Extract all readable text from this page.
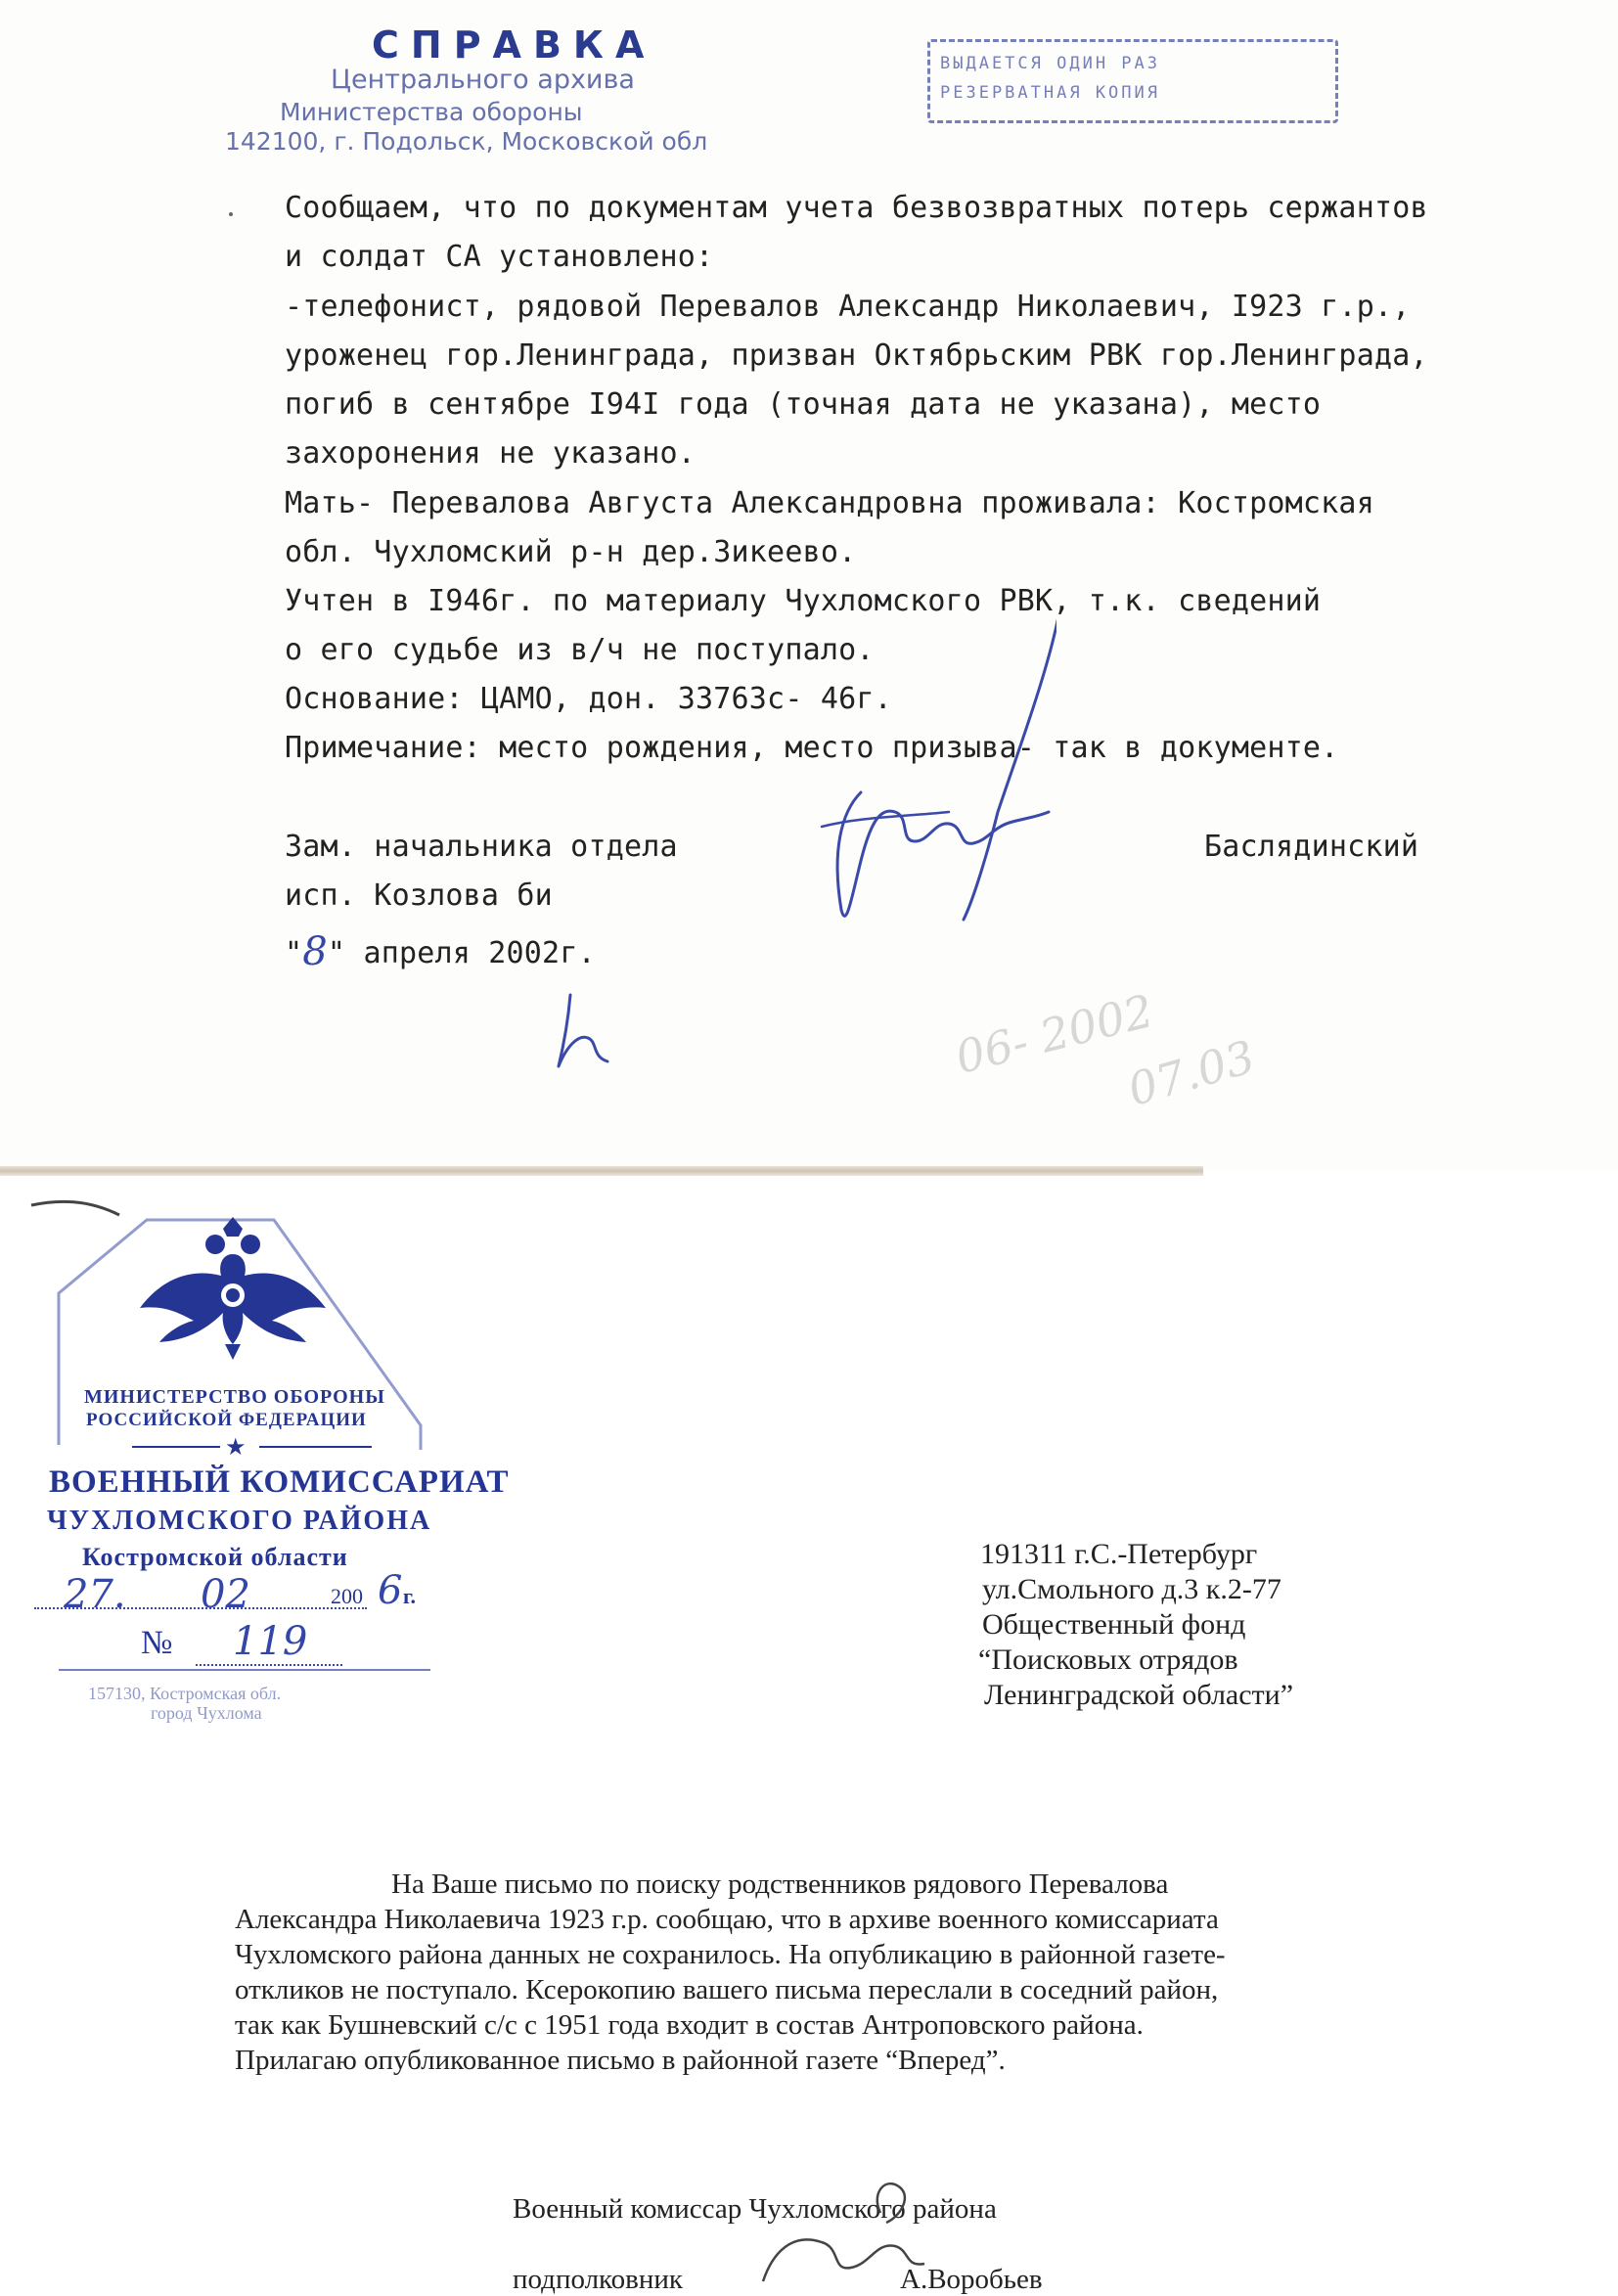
СПРАВКА
Центрального архива
Министерства обороны
142100, г. Подольск, Московской обл
ВЫДАЕТСЯ ОДИН РАЗ
РЕЗЕРВАТНАЯ КОПИЯ
Сообщаем, что по документам учета безвозвратных потерь сержантов
и солдат СА установлено:
-телефонист, рядовой Перевалов Александр Николаевич, I923 г.р.,
уроженец гор.Ленинграда, призван Октябрьским РВК гор.Ленинграда,
погиб в сентябре I94I года (точная дата не указана), место
захоронения не указано.
Мать- Перевалова Августа Александровна проживала: Костромская
обл. Чухломский р-н дер.Зикеево.
Учтен в I946г. по материалу Чухломского РВК, т.к. сведений
о его судьбе из в/ч не поступало.
Основание: ЦАМО, дон. 33763с- 46г.
Примечание: место рождения, место призыва- так в документе.
Зам. начальника отдела	Баслядинский
исп. Козлова би
"8" апреля 2002г.
06- 2002
07.03
МИНИСТЕРСТВО ОБОРОНЫ
РОССИЙСКОЙ ФЕДЕРАЦИИ
★
ВОЕННЫЙ КОМИССАРИАТ
ЧУХЛОМСКОГО РАЙОНА
Костромской области
27. 02	200 6 г.
№ 119
157130, Костромская обл.
город Чухлома
191311 г.С.-Петербург
ул.Смольного д.3 к.2-77
Общественный фонд
“Поисковых отрядов
Ленинградской области”
На Ваше письмо по поиску родственников рядового Перевалова
Александра Николаевича 1923 г.р. сообщаю, что в архиве военного комиссариата
Чухломского района данных не сохранилось. На опубликацию в районной газете-
откликов не поступало. Ксерокопию вашего письма переслали в соседний район,
так как Бушневский с/с с 1951 года входит в состав Антроповского района.
Прилагаю опубликованное письмо в районной газете “Вперед”.
Военный комиссар Чухломского района
подполковник	А.Воробьев
